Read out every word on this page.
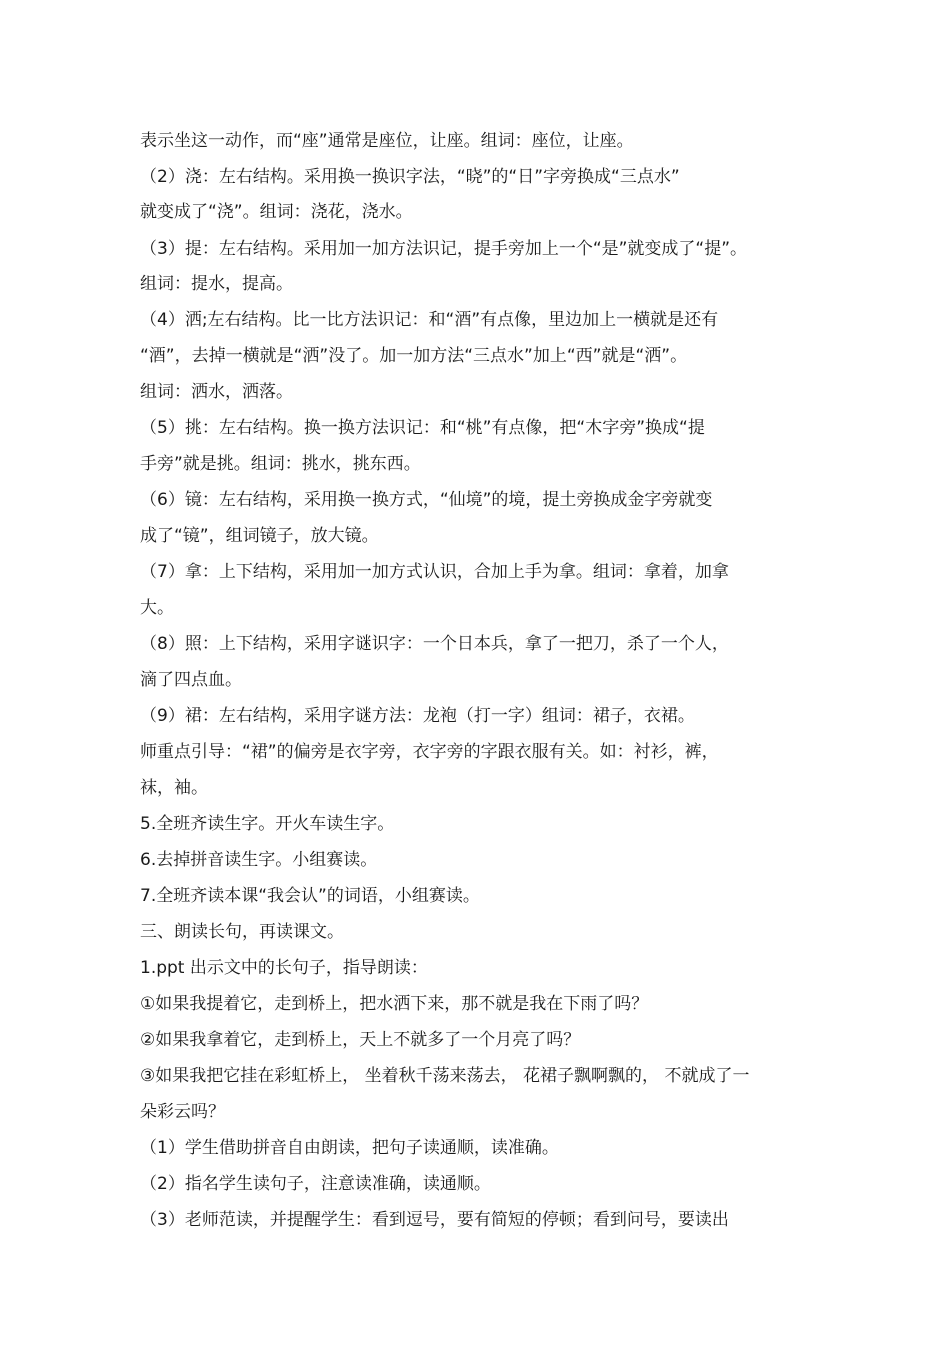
表示坐这一动作，而“座”通常是座位，让座。组词：座位，让座。
（2）浇：左右结构。采用换一换识字法，“晓”的“日”字旁换成“三点水”
就变成了“浇”。组词：浇花，浇水。
（3）提：左右结构。采用加一加方法识记，提手旁加上一个“是”就变成了“提”。
组词：提水，提高。
（4）洒;左右结构。比一比方法识记：和“酒”有点像，里边加上一横就是还有
“酒”，去掉一横就是“洒”没了。加一加方法“三点水”加上“西”就是“洒”。
组词：洒水，洒落。
（5）挑：左右结构。换一换方法识记：和“桃”有点像，把“木字旁”换成“提
手旁”就是挑。组词：挑水，挑东西。
（6）镜：左右结构，采用换一换方式，“仙境”的境，提土旁换成金字旁就变
成了“镜”，组词镜子，放大镜。
（7）拿：上下结构，采用加一加方式认识，合加上手为拿。组词：拿着，加拿
大。
（8）照：上下结构，采用字谜识字：一个日本兵，拿了一把刀，杀了一个人，
滴了四点血。
（9）裙：左右结构，采用字谜方法：龙袍（打一字）组词：裙子，衣裙。
师重点引导：“裙”的偏旁是衣字旁，衣字旁的字跟衣服有关。如：衬衫，裤，
袜，袖。
5.全班齐读生字。开火车读生字。
6.去掉拼音读生字。小组赛读。
7.全班齐读本课“我会认”的词语，小组赛读。
三、朗读长句，再读课文。
1.ppt 出示文中的长句子，指导朗读：
①如果我提着它，走到桥上，把水洒下来，那不就是我在下雨了吗？
②如果我拿着它，走到桥上，天上不就多了一个月亮了吗？
③如果我把它挂在彩虹桥上， 坐着秋千荡来荡去， 花裙子飘啊飘的， 不就成了一
朵彩云吗？
（1）学生借助拼音自由朗读，把句子读通顺，读准确。
（2）指名学生读句子，注意读准确，读通顺。
（3）老师范读，并提醒学生：看到逗号，要有简短的停顿；看到问号，要读出
